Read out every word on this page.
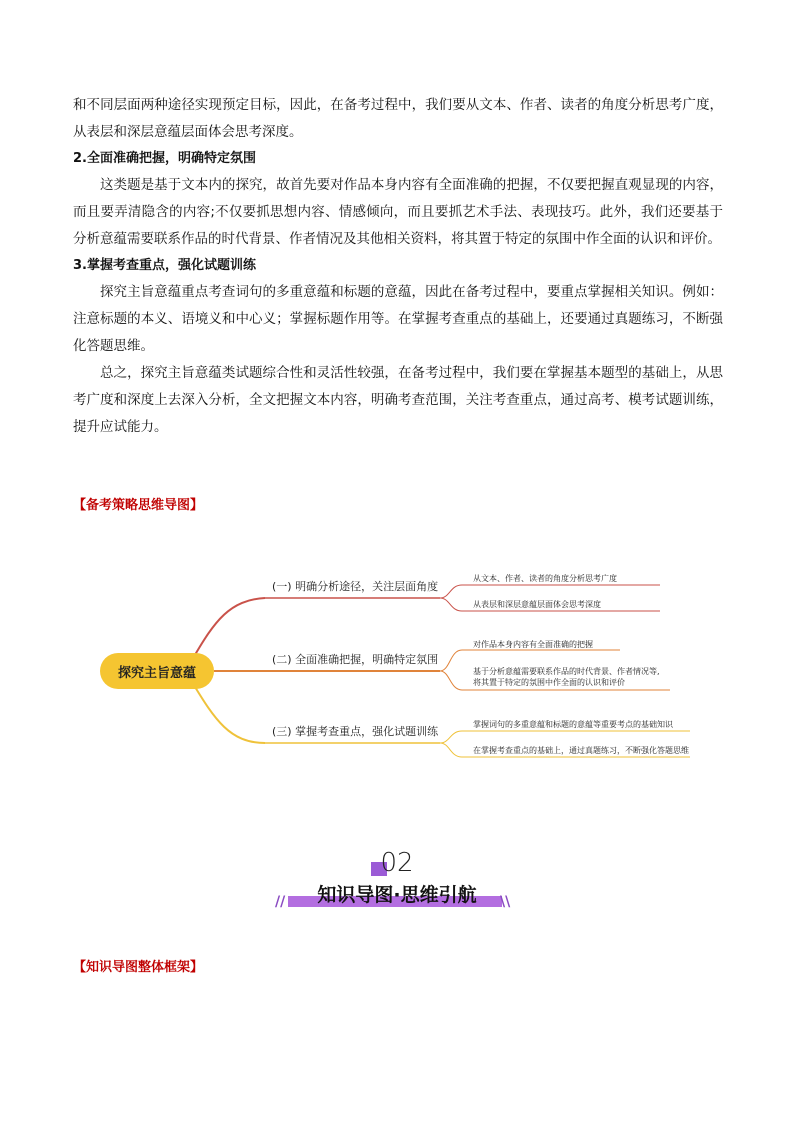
和不同层面两种途径实现预定目标，因此，在备考过程中，我们要从文本、作者、读者的角度分析思考广度，从表层和深层意蕴层面体会思考深度。

2.全面准确把握，明确特定氛围

这类题是基于文本内的探究，故首先要对作品本身内容有全面准确的把握，不仅要把握直观显现的内容，而且要弄清隐含的内容;不仅要抓思想内容、情感倾向，而且要抓艺术手法、表现技巧。此外，我们还要基于分析意蕴需要联系作品的时代背景、作者情况及其他相关资料，将其置于特定的氛围中作全面的认识和评价。

3.掌握考查重点，强化试题训练

探究主旨意蕴重点考查词句的多重意蕴和标题的意蕴，因此在备考过程中，要重点掌握相关知识。例如：注意标题的本义、语境义和中心义；掌握标题作用等。在掌握考查重点的基础上，还要通过真题练习，不断强化答题思维。

总之，探究主旨意蕴类试题综合性和灵活性较强，在备考过程中，我们要在掌握基本题型的基础上，从思考广度和深度上去深入分析，全文把握文本内容，明确考查范围，关注考查重点，通过高考、模考试题训练，提升应试能力。

【备考策略思维导图】
探究主旨意蕴
(一) 明确分析途径，关注层面角度
(二) 全面准确把握，明确特定氛围
(三) 掌握考查重点，强化试题训练
从文本、作者、读者的角度分析思考广度
从表层和深层意蕴层面体会思考深度
对作品本身内容有全面准确的把握
基于分析意蕴需要联系作品的时代背景、作者情况等,
将其置于特定的氛围中作全面的认识和评价
掌握词句的多重意蕴和标题的意蕴等重要考点的基础知识
在掌握考查重点的基础上，通过真题练习，不断强化答题思维
02
//	\\
知识导图·思维引航
【知识导图整体框架】
